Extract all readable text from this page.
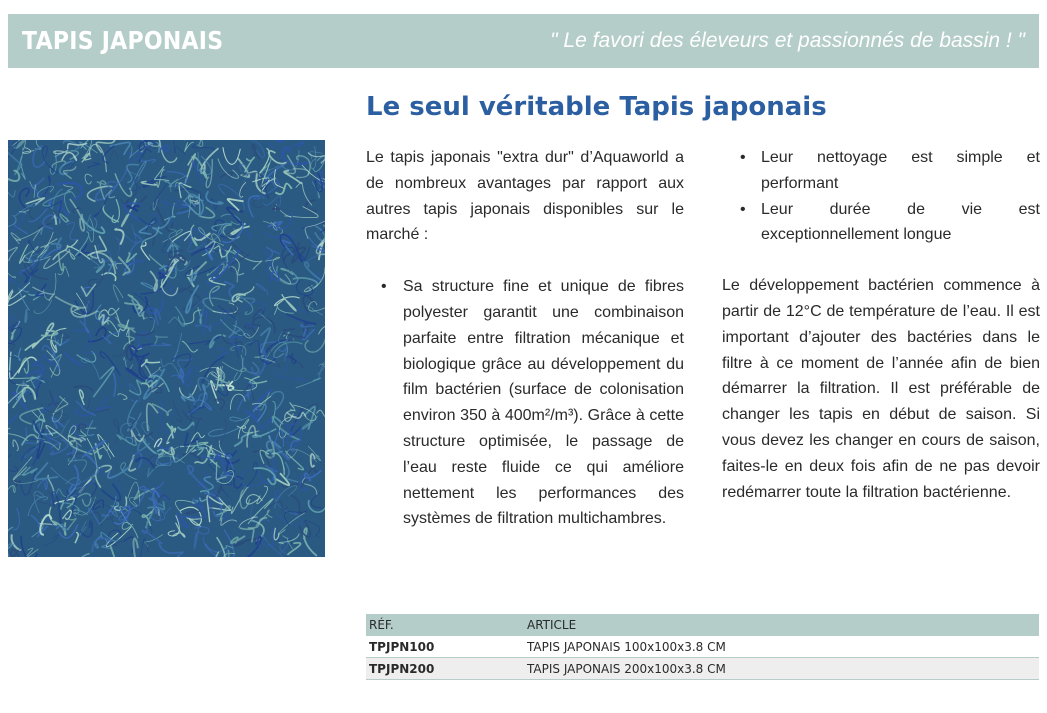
TAPIS JAPONAIS	" Le favori des éleveurs et passionnés de bassin ! "
Le seul véritable Tapis japonais

Le tapis japonais "extra dur" d’Aquaworld a de nombreux avantages par rapport aux autres tapis japonais disponibles sur le marché :

• Sa structure fine et unique de fibres polyester garantit une combinaison parfaite entre filtration mécanique et biologique grâce au développement du film bactérien (surface de colonisation environ 350 à 400m²/m³). Grâce à cette structure optimisée, le passage de l’eau reste fluide ce qui améliore nettement les performances des systèmes de filtration multichambres.
• Leur nettoyage est simple et performant
• Leur durée de vie est exceptionnellement longue

Le développement bactérien commence à partir de 12°C de température de l’eau. Il est important d’ajouter des bactéries dans le filtre à ce moment de l’année afin de bien démarrer la filtration. Il est préférable de changer les tapis en début de saison. Si vous devez les changer en cours de saison, faites-le en deux fois afin de ne pas devoir redémarrer toute la filtration bactérienne.

RÉF.	ARTICLE
TPJPN100	TAPIS JAPONAIS 100x100x3.8 CM
TPJPN200	TAPIS JAPONAIS 200x100x3.8 CM
